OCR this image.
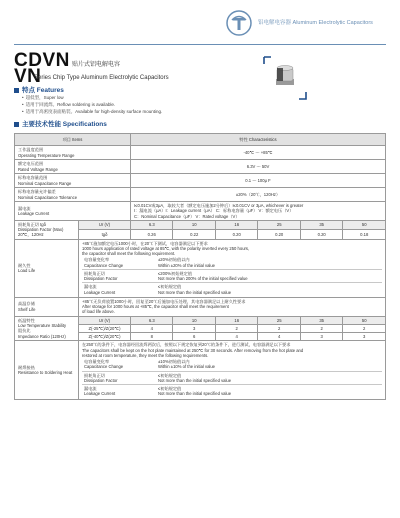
铝电解电容器 Aluminum Electrolytic Capacitors
CDVN 贴片式铝电解电容
VN
Series Chip Type Aluminum Electrolytic Capacitors
特点 Features
• 超低型，Super low
• 适用于回流焊。Reflow soldering is available.
• 适用于高密度表面贴装。Available for high-density surface mounting.
主要技术性能 Specifications
项目 Items	特性 Characteristics

工作温度范围
Operating Temperature Range
	-40℃ ～ +85℃

额定电压范围
Rated Voltage Range
	6.3V ～ 50V

标称电容量范围
Nominal Capacitance Range
	0.1 ～ 100μ F

标称电容量允许偏差
Nominal Capacitance Tolerance
	±20%（20℃，120Hz）

漏电流
Leakage Current

I≤0.01CV或3μA，取较大者（额定电压施加2分钟后）I≤0.01CV or 3μA, whichever is greater
I：漏电流（μA）I：Leakage current（μA） C：标称电容量（μF） V：额定电压（V）
C：Nominal Capacitance（μF） V：Rated voltage（V）

损耗角正切 tgδ
Dissipation Factor (Max)
20℃，120Hz
	Ur (V)	6.3	10	16	25	35	50
tgδ	0.26	0.22	0.20	0.20	0.20	0.18

耐久性
Load Life

+85℃施加额定电压1000小时，在20℃下测试，电容器满足以下要求
1000 hours application of rated voltage at 85℃, with the polarity inverted every 250 hours,
the capacitor shall meet the following requirement.
电容量变化率
Capacitance Change

±20%初始值以内
Within ±20% of the initial value

损耗角正切
Dissipation Factor

≤200%初始规定值
Not more than 200% of the initial specified value

漏电流
Leakage Current

≤初始规定值
Not more than the initial specified value

高温存储
Shelf Life

+85℃无负荷放置1000小时，回复至20℃后施加电压处理，其电容器满足以上耐久性要求
After storage for 1000 hours at +85℃, the capacitor shall meet the requirement
of load life above.

低温特性
Low Temperature Stability
阻抗比
Impedance Ratio (120Hz)
	Ur (V)	6.3	10	16	25	35	50
Z(-25℃)/Z(20℃)	4	3	2	2	2	2
Z(-40℃)/Z(20℃)	8	6	4	4	3	3

耐焊接热
Resistance to Soldering Heat

在250℃的条件下，电容器经回流焊两次后，按照以下规定恢复到20℃的条件下，进行测试，电容器满足以下要求
The capacitors shall be kept on the hot plate maintained at 250℃ for 30 seconds. After removing from the hot plate and
restored at room temperature, they meet the following requirements.
电容量变化率
Capacitance Change

±10%初始值以内
Within ±10% of the initial value

损耗角正切
Dissipation Factor

≤初始规定值
Not more than the initial specified value

漏电流
Leakage Current

≤初始规定值
Not more than the initial specified value
